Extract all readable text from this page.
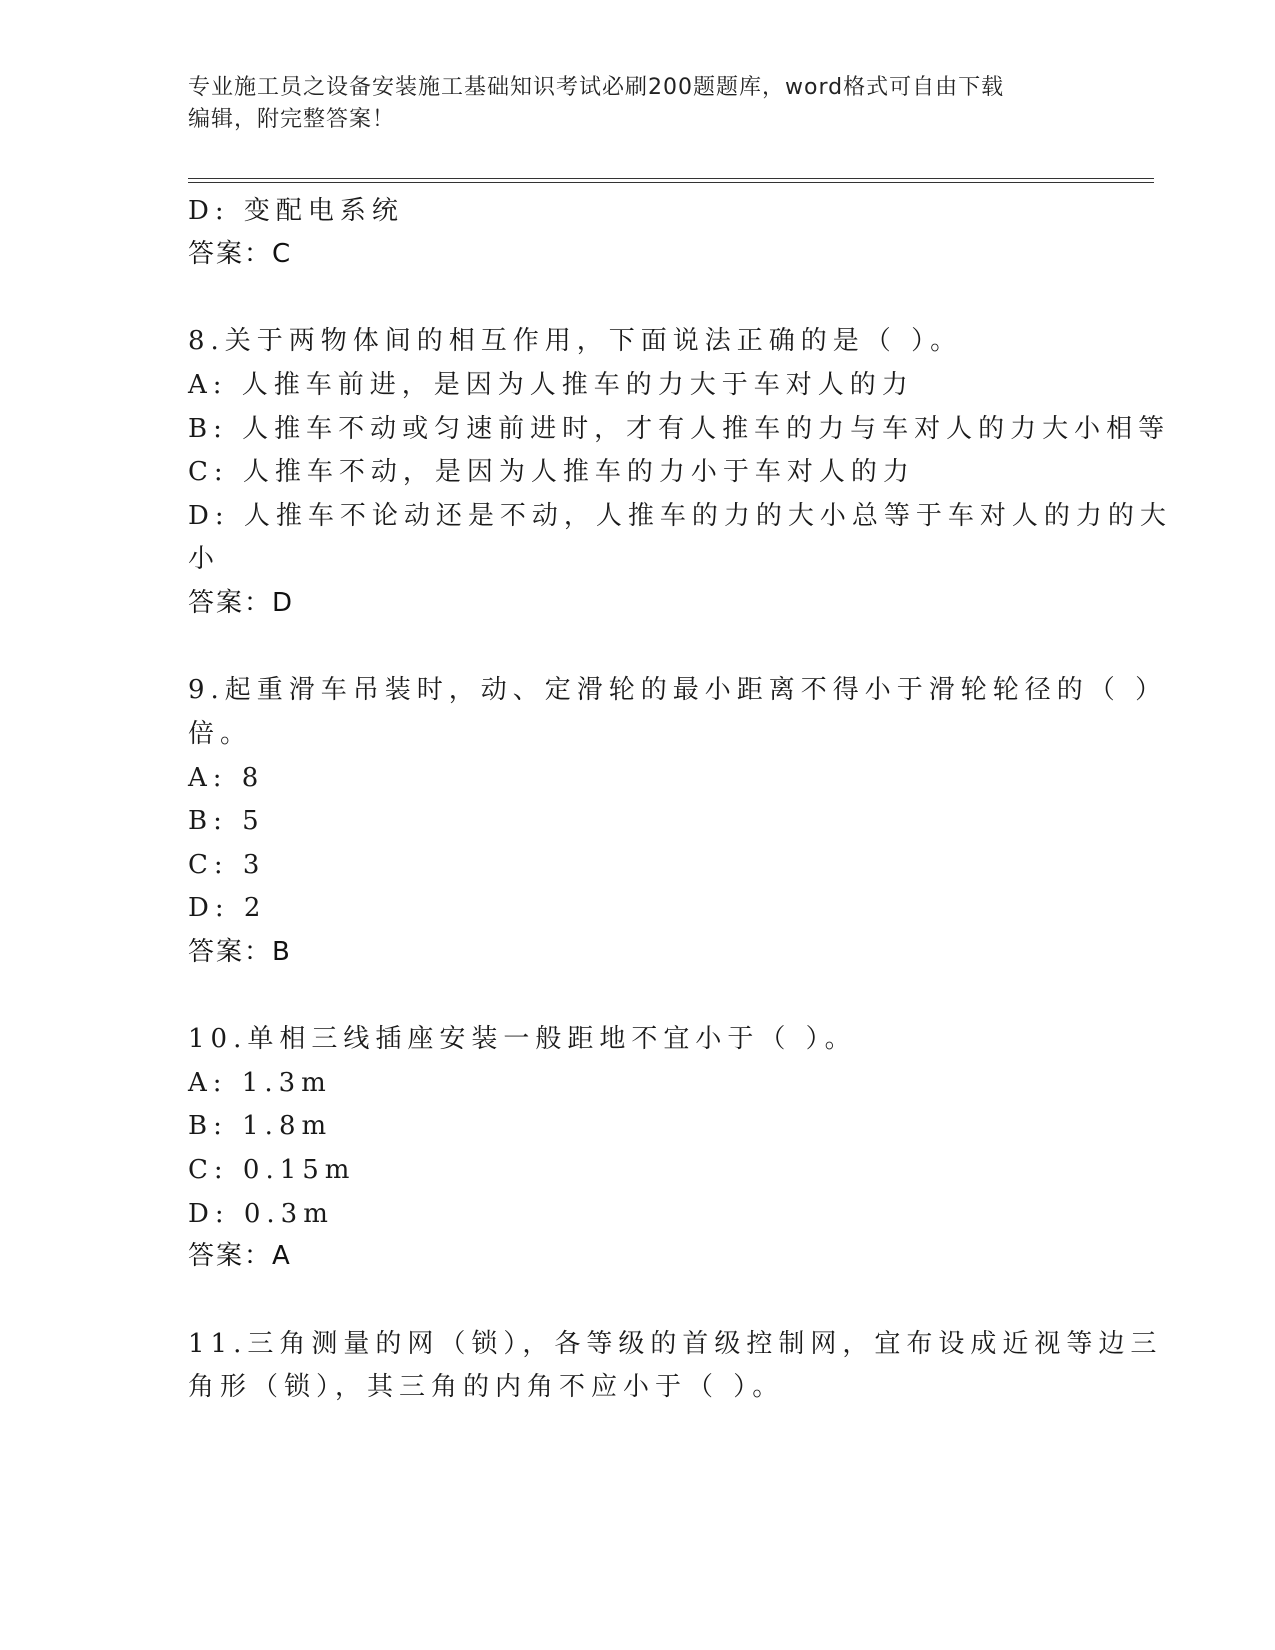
专业施工员之设备安装施工基础知识考试必刷200题题库，word格式可自由下载
编辑，附完整答案！
D: 变配电系统
答案：C
8.关于两物体间的相互作用，下面说法正确的是（ ）。
A: 人推车前进，是因为人推车的力大于车对人的力
B: 人推车不动或匀速前进时，才有人推车的力与车对人的力大小相等
C: 人推车不动，是因为人推车的力小于车对人的力
D: 人推车不论动还是不动，人推车的力的大小总等于车对人的力的大
小
答案：D
9.起重滑车吊装时，动、定滑轮的最小距离不得小于滑轮轮径的（ ）
倍。
A: 8
B: 5
C: 3
D: 2
答案：B
10.单相三线插座安装一般距地不宜小于（ ）。
A: 1.3m
B: 1.8m
C: 0.15m
D: 0.3m
答案：A
11.三角测量的网（锁），各等级的首级控制网，宜布设成近视等边三
角形（锁），其三角的内角不应小于（ ）。
